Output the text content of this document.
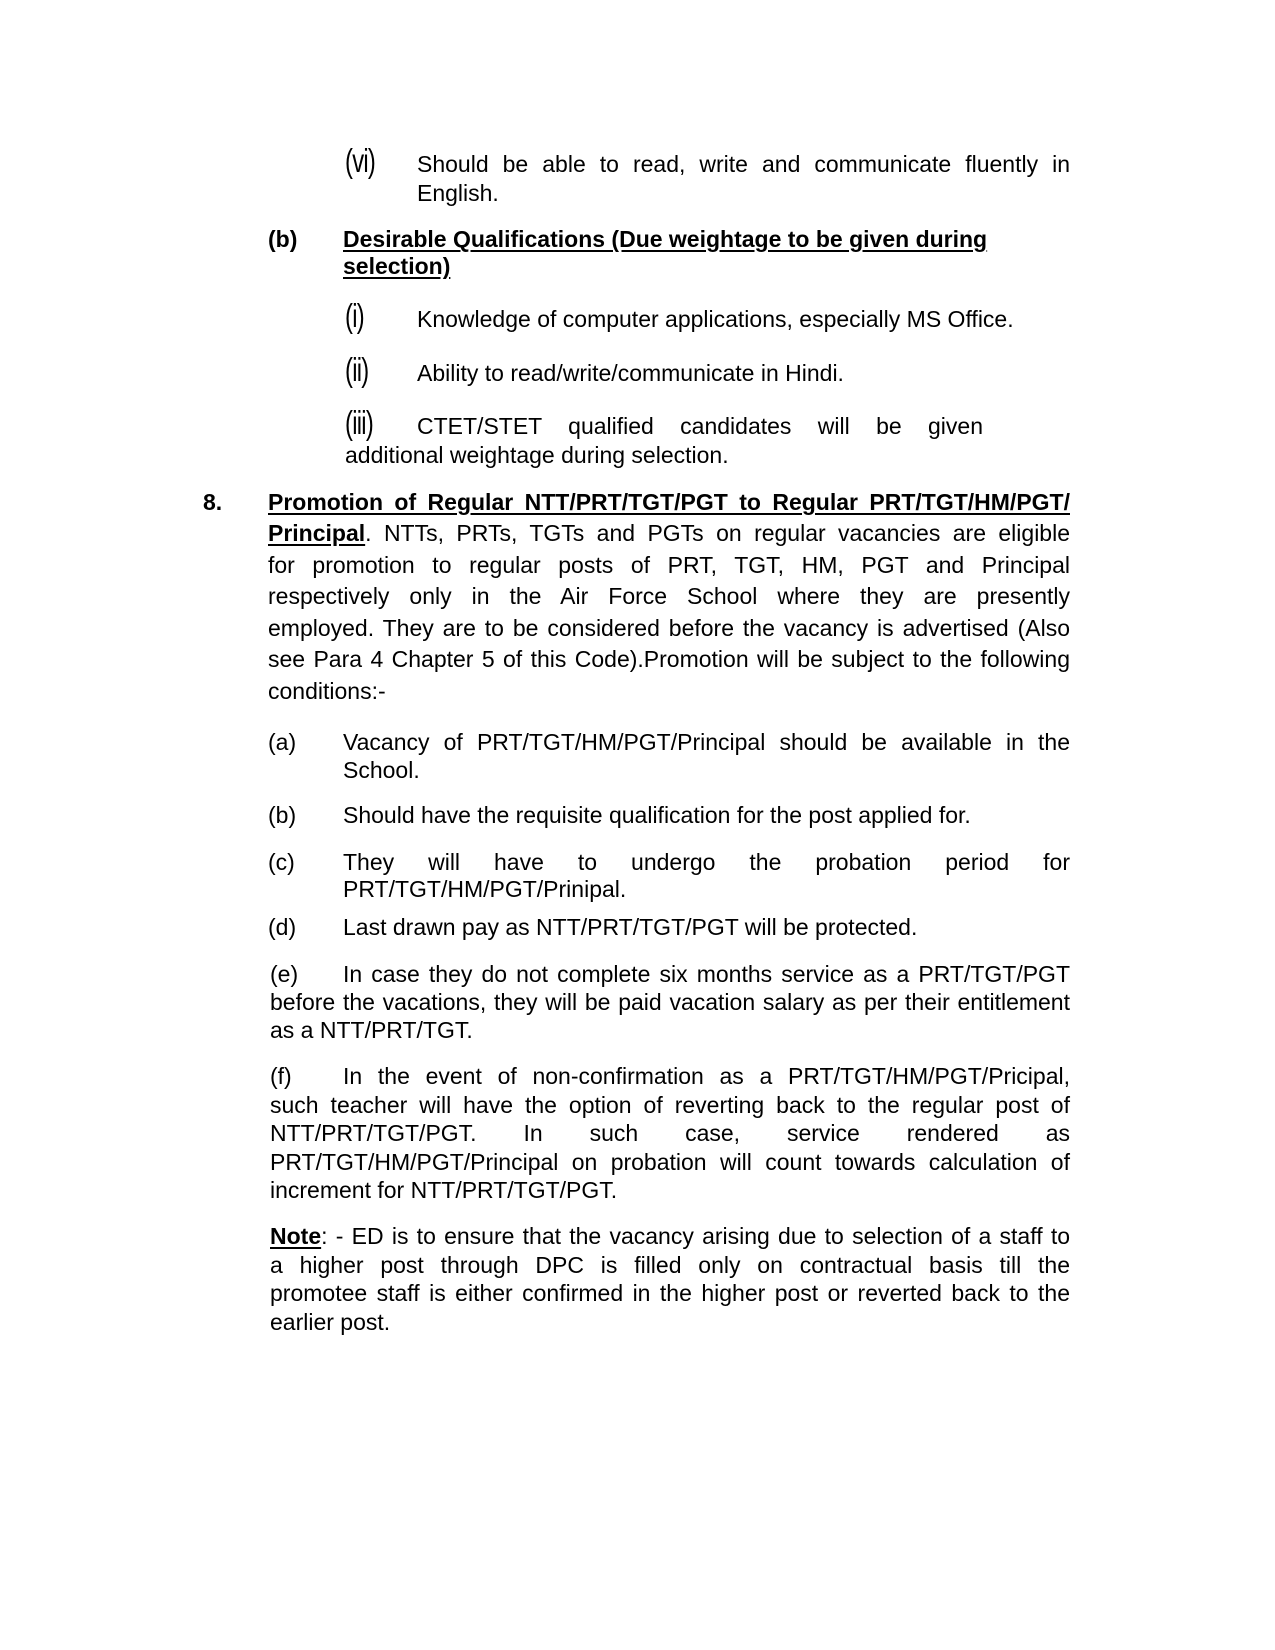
(vi) Should be able to read, write and communicate fluently in
English.
(b) Desirable Qualifications (Due weightage to be given during
selection)
(i) Knowledge of computer applications, especially MS Office.
(ii) Ability to read/write/communicate in Hindi.
(iii) CTET/STET qualified candidates will be given
additional weightage during selection.
8. Promotion of Regular NTT/PRT/TGT/PGT to Regular PRT/TGT/HM/PGT/
Principal. NTTs, PRTs, TGTs and PGTs on regular vacancies are eligible
for promotion to regular posts of PRT, TGT, HM, PGT and Principal
respectively only in the Air Force School where they are presently
employed. They are to be considered before the vacancy is advertised (Also
see Para 4 Chapter 5 of this Code).Promotion will be subject to the following
conditions:-
(a) Vacancy of PRT/TGT/HM/PGT/Principal should be available in the
School.
(b) Should have the requisite qualification for the post applied for.
(c) They will have to undergo the probation period for
PRT/TGT/HM/PGT/Prinipal.
(d) Last drawn pay as NTT/PRT/TGT/PGT will be protected.
(e) In case they do not complete six months service as a PRT/TGT/PGT
before the vacations, they will be paid vacation salary as per their entitlement
as a NTT/PRT/TGT.
(f) In the event of non-confirmation as a PRT/TGT/HM/PGT/Pricipal,
such teacher will have the option of reverting back to the regular post of
NTT/PRT/TGT/PGT. In such case, service rendered as
PRT/TGT/HM/PGT/Principal on probation will count towards calculation of
increment for NTT/PRT/TGT/PGT.
Note: - ED is to ensure that the vacancy arising due to selection of a staff to
a higher post through DPC is filled only on contractual basis till the
promotee staff is either confirmed in the higher post or reverted back to the
earlier post.
